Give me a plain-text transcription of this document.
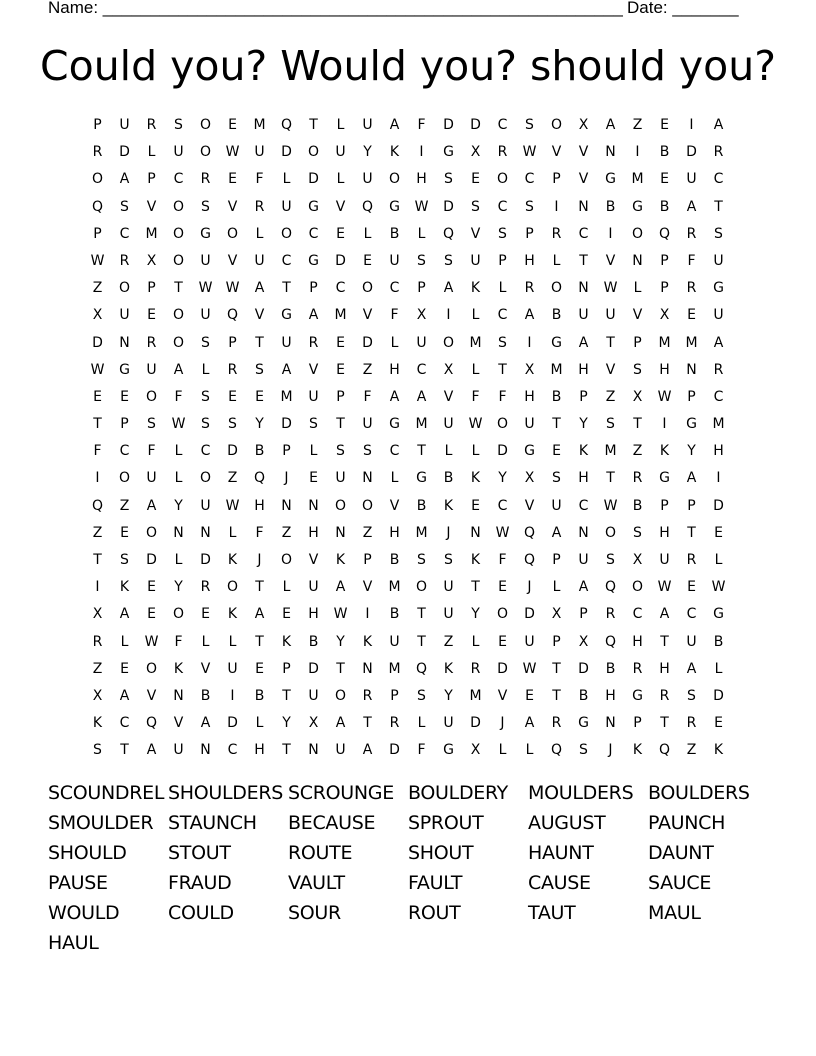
Name: _______________________________________________________ Date: _______
Could you? Would you? should you?
P	U	R	S	O	E	M	Q	T	L	U	A	F	D	D	C	S	O	X	A	Z	E	I	A
R	D	L	U	O	W	U	D	O	U	Y	K	I	G	X	R	W	V	V	N	I	B	D	R
O	A	P	C	R	E	F	L	D	L	U	O	H	S	E	O	C	P	V	G	M	E	U	C
Q	S	V	O	S	V	R	U	G	V	Q	G	W	D	S	C	S	I	N	B	G	B	A	T
P	C	M	O	G	O	L	O	C	E	L	B	L	Q	V	S	P	R	C	I	O	Q	R	S
W	R	X	O	U	V	U	C	G	D	E	U	S	S	U	P	H	L	T	V	N	P	F	U
Z	O	P	T	W W	A	T	P	C	O	C	P	A	K	L	R	O	N	W	L	P	R	G
X	U	E	O	U	Q	V	G	A	M	V	F	X	I	L	C	A	B	U	U	V	X	E	U
D	N	R	O	S	P	T	U	R	E	D	L	U	O	M	S	I	G	A	T	P	M	M	A
W	G	U	A	L	R	S	A	V	E	Z	H	C	X	L	T	X	M	H	V	S	H	N	R
E	E	O	F	S	E	E	M	U	P	F	A	A	V	F	F	H	B	P	Z	X	W	P	C
T	P	S	W	S	S	Y	D	S	T	U	G	M	U	W	O	U	T	Y	S	T	I	G	M
F	C	F	L	C	D	B	P	L	S	S	C	T	L	L	D	G	E	K	M	Z	K	Y	H
I	O	U	L	O	Z	Q	J	E	U	N	L	G	B	K	Y	X	S	H	T	R	G	A	I
Q	Z	A	Y	U	W	H	N	N	O	O	V	B	K	E	C	V	U	C	W	B	P	P	D
Z	E	O	N	N	L	F	Z	H	N	Z	H	M	J	N	W	Q	A	N	O	S	H	T	E
T	S	D	L	D	K	J	O	V	K	P	B	S	S	K	F	Q	P	U	S	X	U	R	L
I	K	E	Y	R	O	T	L	U	A	V	M	O	U	T	E	J	L	A	Q	O	W	E	W
X	A	E	O	E	K	A	E	H	W	I	B	T	U	Y	O	D	X	P	R	C	A	C	G
R	L	W	F	L	L	T	K	B	Y	K	U	T	Z	L	E	U	P	X	Q	H	T	U	B
Z	E	O	K	V	U	E	P	D	T	N	M	Q	K	R	D	W	T	D	B	R	H	A	L
X	A	V	N	B	I	B	T	U	O	R	P	S	Y	M	V	E	T	B	H	G	R	S	D
K	C	Q	V	A	D	L	Y	X	A	T	R	L	U	D	J	A	R	G	N	P	T	R	E
S	T	A	U	N	C	H	T	N	U	A	D	F	G	X	L	L	Q	S	J	K	Q	Z	K
SCOUNDREL SHOULDERS SCROUNGE BOULDERY	MOULDERS BOULDERS
SMOULDER STAUNCH	BECAUSE	SPROUT	AUGUST	PAUNCH
SHOULD	STOUT	ROUTE	SHOUT	HAUNT	DAUNT
PAUSE	FRAUD	VAULT	FAULT	CAUSE	SAUCE
WOULD	COULD	SOUR	ROUT	TAUT	MAUL
HAUL
